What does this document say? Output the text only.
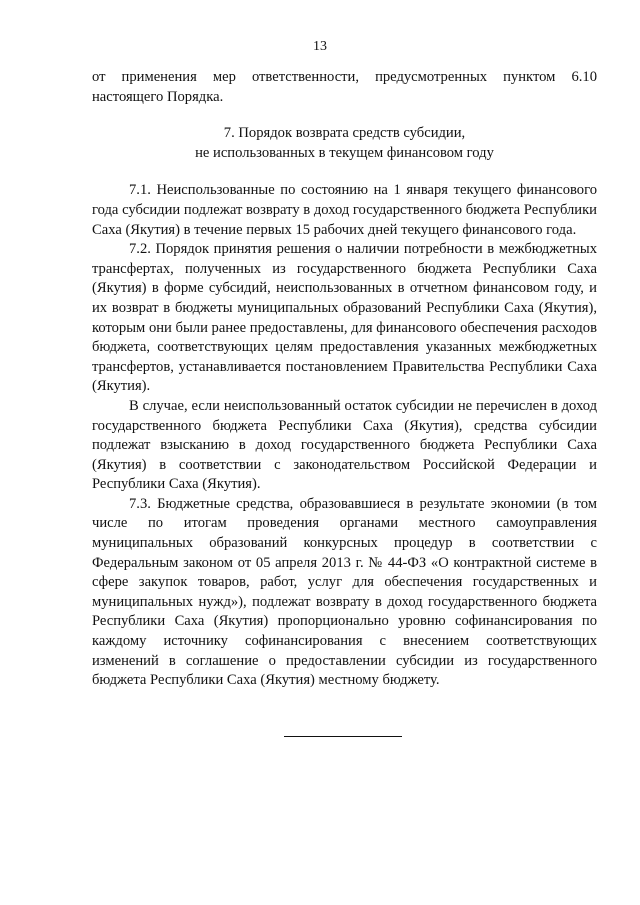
13

от применения мер ответственности, предусмотренных пунктом 6.10 настоящего Порядка.

7. Порядок возврата средств субсидии,
не использованных в текущем финансовом году

7.1. Неиспользованные по состоянию на 1 января текущего финансового года субсидии подлежат возврату в доход государственного бюджета Республики Саха (Якутия) в течение первых 15 рабочих дней текущего финансового года.

7.2. Порядок принятия решения о наличии потребности в межбюджетных трансфертах, полученных из государственного бюджета Республики Саха (Якутия) в форме субсидий, неиспользованных в отчетном финансовом году, и их возврат в бюджеты муниципальных образований Республики Саха (Якутия), которым они были ранее предоставлены, для финансового обеспечения расходов бюджета, соответствующих целям предоставления указанных межбюджетных трансфертов, устанавливается постановлением Правительства Республики Саха (Якутия).

В случае, если неиспользованный остаток субсидии не перечислен в доход государственного бюджета Республики Саха (Якутия), средства субсидии подлежат взысканию в доход государственного бюджета Республики Саха (Якутия) в соответствии с законодательством Российской Федерации и Республики Саха (Якутия).

7.3. Бюджетные средства, образовавшиеся в результате экономии (в том числе по итогам проведения органами местного самоуправления муниципальных образований конкурсных процедур в соответствии с Федеральным законом от 05 апреля 2013 г. № 44-ФЗ «О контрактной системе в сфере закупок товаров, работ, услуг для обеспечения государственных и муниципальных нужд»), подлежат возврату в доход государственного бюджета Республики Саха (Якутия) пропорционально уровню софинансирования по каждому источнику софинансирования с внесением соответствующих изменений в соглашение о предоставлении субсидии из государственного бюджета Республики Саха (Якутия) местному бюджету.
